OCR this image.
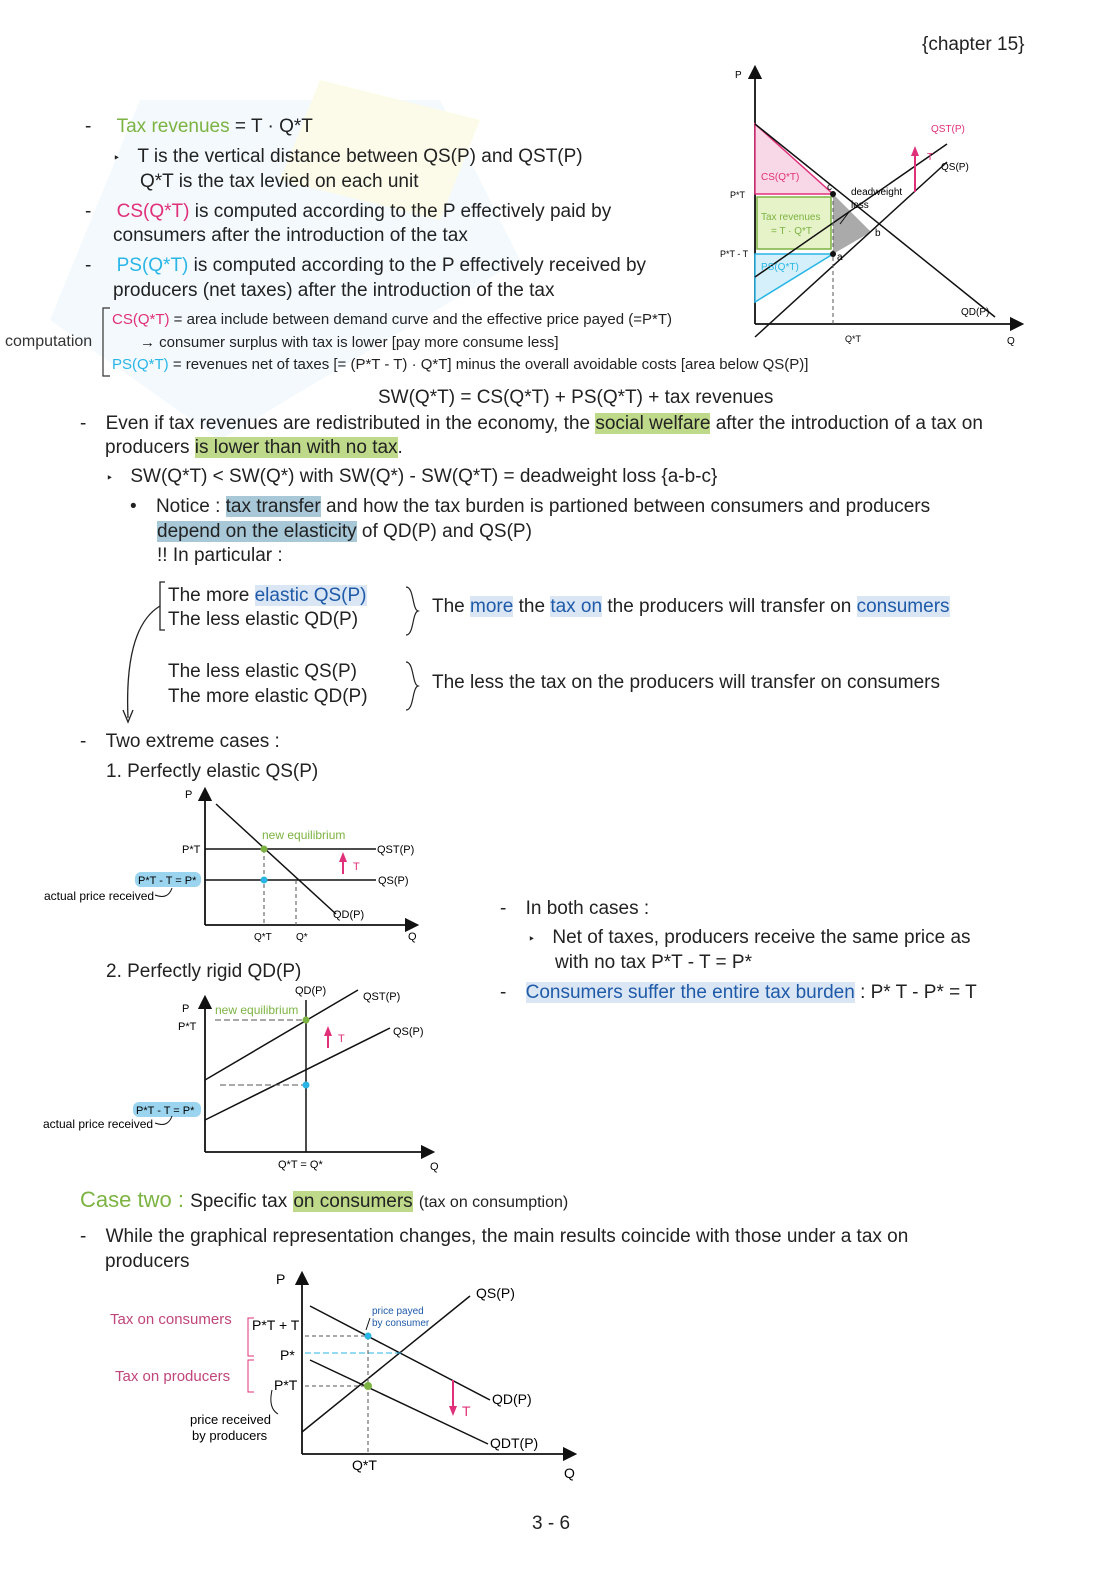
{chapter 15}
- Tax revenues = T · Q*T
‣ T is the vertical distance between QS(P) and QST(P)
Q*T is the tax levied on each unit
- CS(Q*T) is computed according to the P effectively paid by
consumers after the introduction of the tax
- PS(Q*T) is computed according to the P effectively received by
producers (net taxes) after the introduction of the tax
computation
CS(Q*T) = area include between demand curve and the effective price payed (=P*T)
→ consumer surplus with tax is lower [pay more consume less]
PS(Q*T) = revenues net of taxes [= (P*T - T) · Q*T] minus the overall avoidable costs [area below QS(P)]
SW(Q*T) = CS(Q*T) + PS(Q*T) + tax revenues
- Even if tax revenues are redistributed in the economy, the social welfare after the introduction of a tax on
producers is lower than with no tax.
‣ SW(Q*T) < SW(Q*) with SW(Q*) - SW(Q*T) = deadweight loss {a-b-c}
• Notice : tax transfer and how the tax burden is partioned between consumers and producers
depend on the elasticity of QD(P) and QS(P)
!! In particular :
The more elastic QS(P)
The less elastic QD(P)
The more the tax on the producers will transfer on consumers
The less elastic QS(P)
The more elastic QD(P)
The less the tax on the producers will transfer on consumers
- Two extreme cases :
1. Perfectly elastic QS(P)
2. Perfectly rigid QD(P)
- In both cases :
‣ Net of taxes, producers receive the same price as
with no tax P*T - T = P*
- Consumers suffer the entire tax burden : P* T - P* = T
Case two : Specific tax on consumers (tax on consumption)
- While the graphical representation changes, the main results coincide with those under a tax on
producers
P
Q
QST(P)
QS(P)
QD(P)
T
CS(Q*T)
Tax revenues
= T · Q*T
PS(Q*T)
deadweight
loss
P*T
P*T - T
Q*T
c
a
b
P
Q
P*T
new equilibrium
QST(P)
QS(P)
QD(P)
T
P*T - T = P*
actual price received
Q*T Q*
P
P*T
new equilibrium
QD(P)	QST(P)
QS(P)
T
P*T - T = P*
actual price received
Q*T = Q*	Q
P
Q
P*T + T
P*
P*T
Tax on consumers
Tax on producers
price payed
by consumer
price received
by producers
QS(P)
QD(P)
QDT(P)
T
Q*T
3 - 6
